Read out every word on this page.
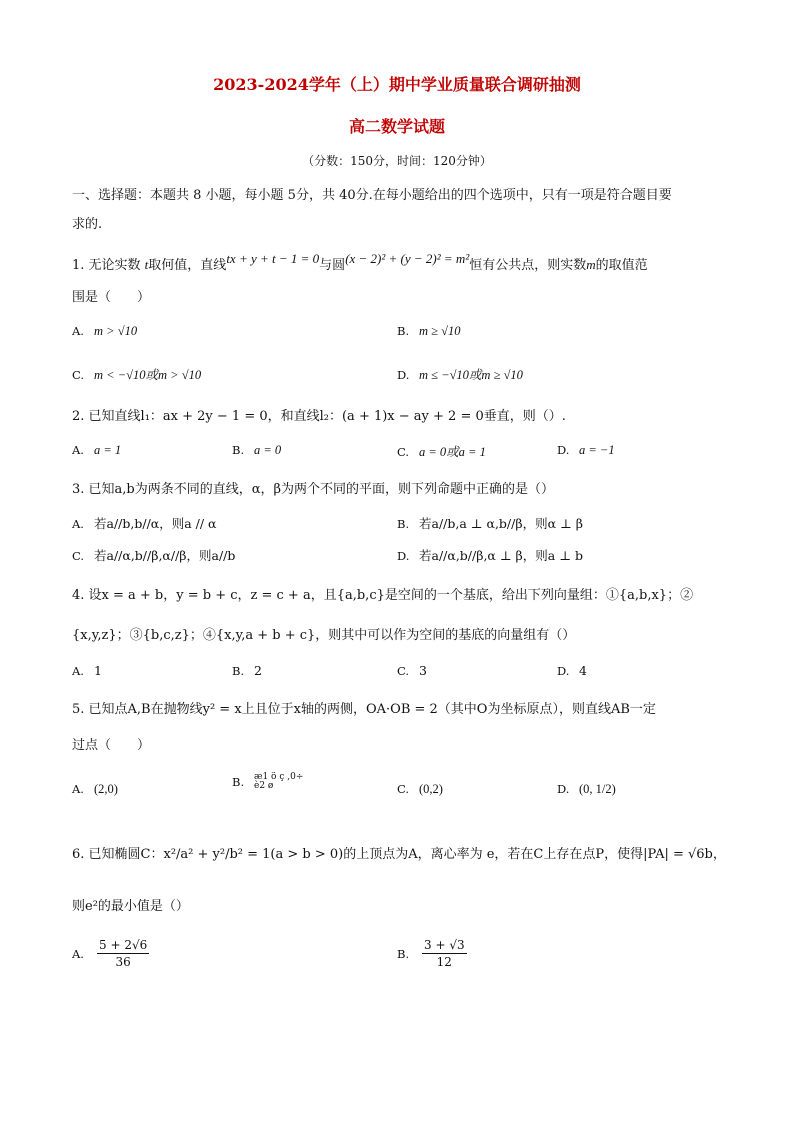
2023-2024学年（上）期中学业质量联合调研抽测
高二数学试题
（分数：150分，时间：120分钟）
一、选择题：本题共 8 小题，每小题 5分，共 40分.在每小题给出的四个选项中，只有一项是符合题目要
求的.
1. 无论实数 t取何值，直线tx + y + t − 1 = 0与圆(x − 2)² + (y − 2)² = m²恒有公共点，则实数m的取值范
围是（　　）
A. m > √10	B. m ≥ √10
C. m < −√10或m > √10	D. m ≤ −√10或m ≥ √10
2. 已知直线l₁：ax + 2y − 1 = 0，和直线l₂：(a + 1)x − ay + 2 = 0垂直，则（）.
A. a = 1	B. a = 0	C. a = 0或a = 1	D. a = −1
3. 已知a,b为两条不同的直线，α，β为两个不同的平面，则下列命题中正确的是（）
A. 若a//b,b//α，则a // α	B. 若a//b,a ⊥ α,b//β，则α ⊥ β
C. 若a//α,b//β,α//β，则a//b	D. 若a//α,b//β,α ⊥ β，则a ⊥ b
4. 设x = a + b，y = b + c，z = c + a，且{a,b,c}是空间的一个基底，给出下列向量组：①{a,b,x}；②
{x,y,z}；③{b,c,z}；④{x,y,a + b + c}，则其中可以作为空间的基底的向量组有（）
A. 1	B. 2	C. 3	D. 4
5. 已知点A,B在抛物线y² = x上且位于x轴的两侧，OA·OB = 2（其中O为坐标原点），则直线AB一定
过点（　　）
A. (2,0)	B. æ1 ö ç ,0÷ è2 ø	C. (0,2)	D. (0, 1/2)
6. 已知椭圆C：x²/a² + y²/b² = 1(a > b > 0)的上顶点为A，离心率为 e，若在C上存在点P，使得|PA| = √6b，
则e²的最小值是（）
A. $\frac{5 + 2√6}{36}$	B. $\frac{3 + √3}{12}$
